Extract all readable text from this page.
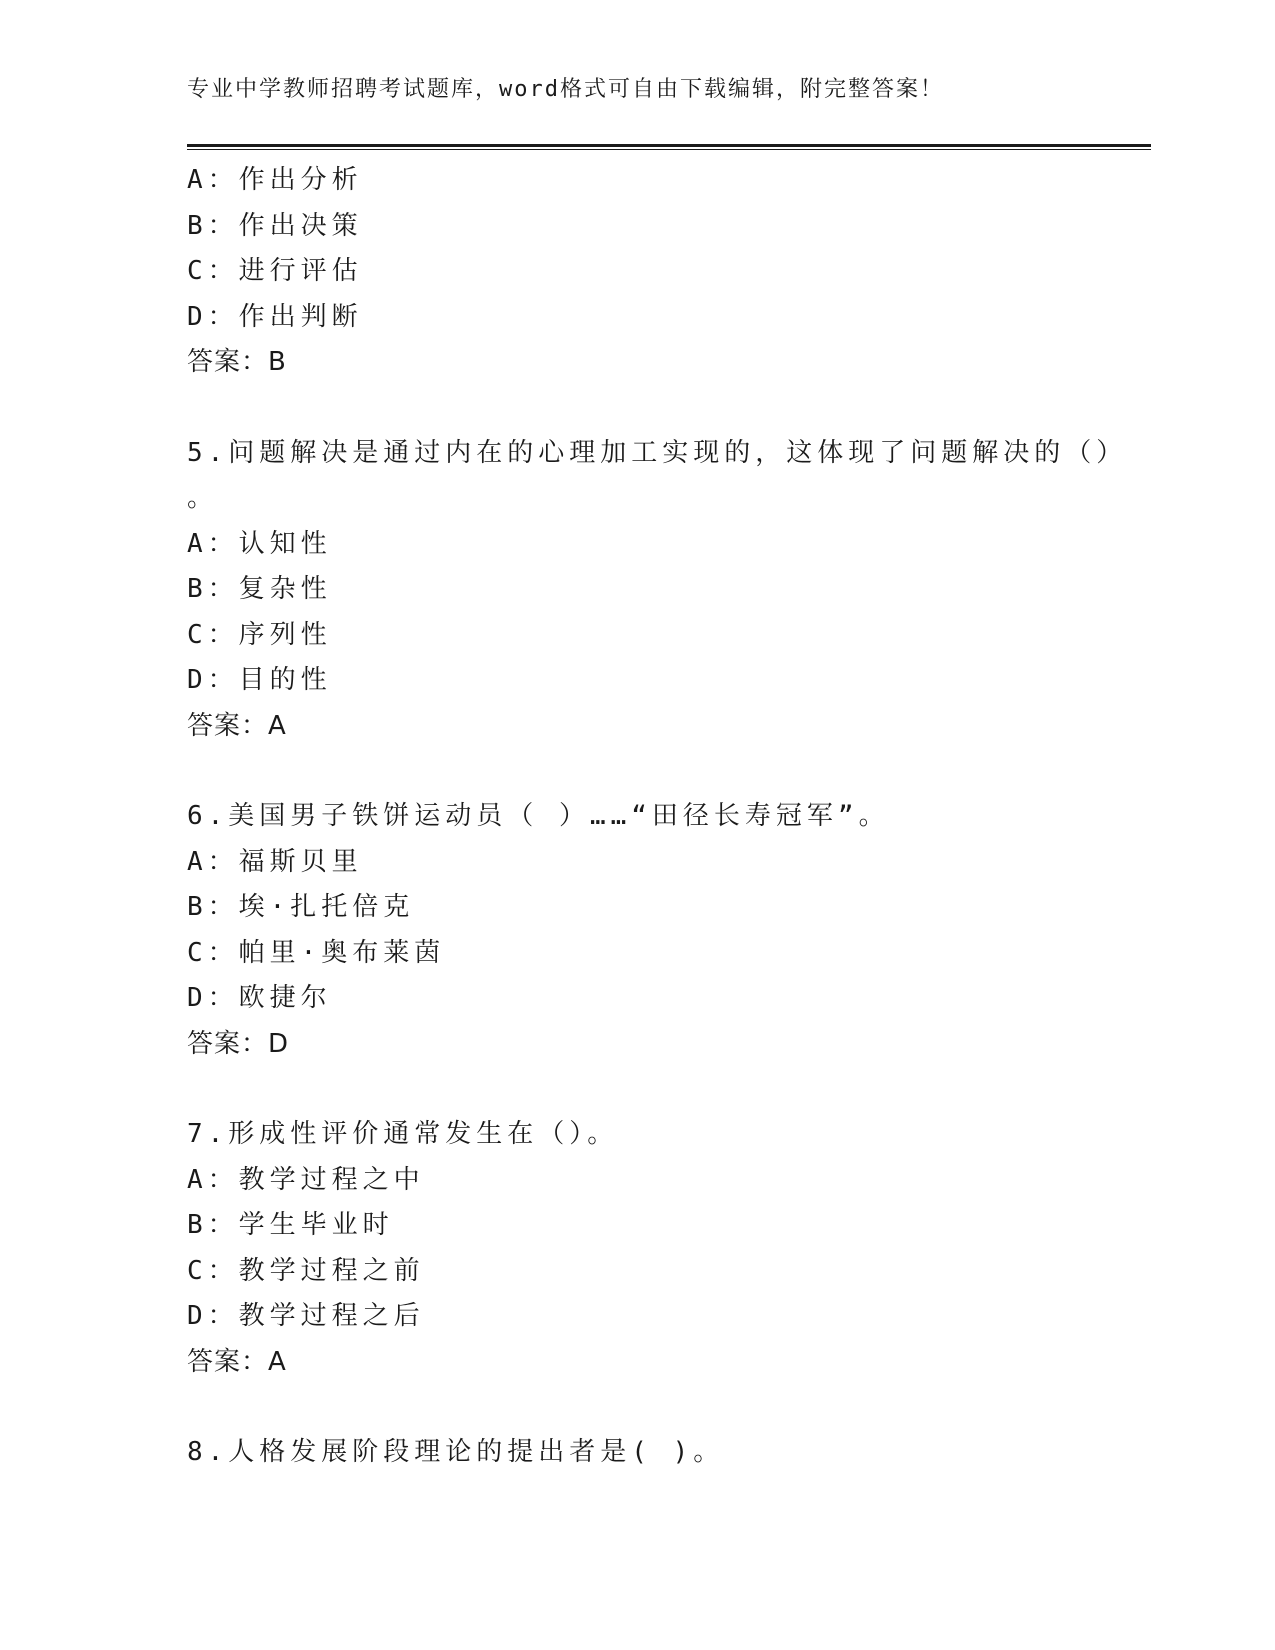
专业中学教师招聘考试题库，word格式可自由下载编辑，附完整答案！
A：作出分析
B：作出决策
C：进行评估
D：作出判断
答案：B
5.问题解决是通过内在的心理加工实现的，这体现了问题解决的（）
。
A：认知性
B：复杂性
C：序列性
D：目的性
答案：A
6.美国男子铁饼运动员（ ）……“田径长寿冠军”。
A：福斯贝里
B：埃·扎托倍克
C：帕里·奥布莱茵
D：欧捷尔
答案：D
7.形成性评价通常发生在（）。
A：教学过程之中
B：学生毕业时
C：教学过程之前
D：教学过程之后
答案：A
8.人格发展阶段理论的提出者是( )。
